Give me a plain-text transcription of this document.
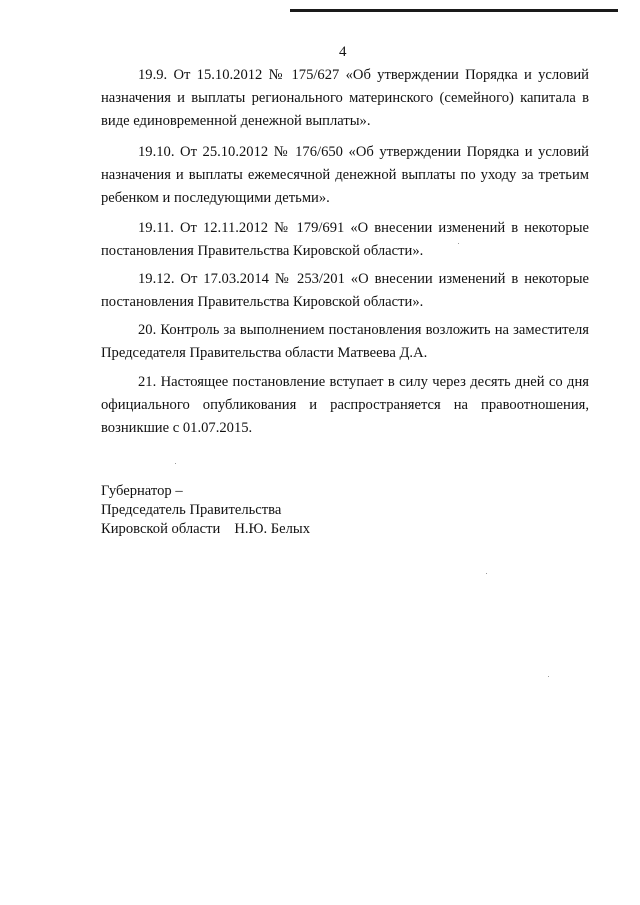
4

19.9. От 15.10.2012 № 175/627 «Об утверждении Порядка и условий назначения и выплаты регионального материнского (семейного) капитала в виде единовременной денежной выплаты».

19.10. От 25.10.2012 № 176/650 «Об утверждении Порядка и условий назначения и выплаты ежемесячной денежной выплаты по уходу за третьим ребенком и последующими детьми».

19.11. От 12.11.2012 № 179/691 «О внесении изменений в некоторые постановления Правительства Кировской области».

19.12. От 17.03.2014 № 253/201 «О внесении изменений в некоторые постановления Правительства Кировской области».

20. Контроль за выполнением постановления возложить на заместителя Председателя Правительства области Матвеева Д.А.

21. Настоящее постановление вступает в силу через десять дней со дня официального опубликования и распространяется на правоотношения, возникшие с 01.07.2015.

Губернатор –
Председатель Правительства
Кировской области Н.Ю. Белых
